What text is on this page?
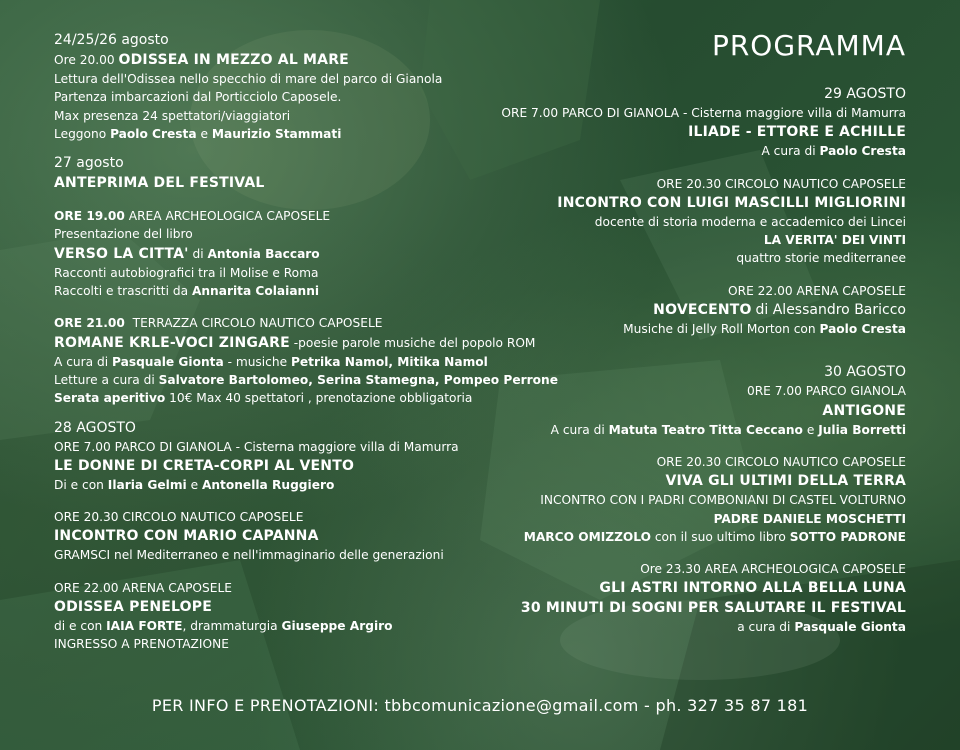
24/25/26 agosto
Ore 20.00 ODISSEA IN MEZZO AL MARE
Lettura dell'Odissea nello specchio di mare del parco di Gianola
Partenza imbarcazioni dal Porticciolo Caposele.
Max presenza 24 spettatori/viaggiatori
Leggono Paolo Cresta e Maurizio Stammati
27 agosto
ANTEPRIMA DEL FESTIVAL
ORE 19.00 AREA ARCHEOLOGICA CAPOSELE
Presentazione del libro
VERSO LA CITTA' di Antonia Baccaro
Racconti autobiografici tra il Molise e Roma
Raccolti e trascritti da Annarita Colaianni
ORE 21.00 TERRAZZA CIRCOLO NAUTICO CAPOSELE
ROMANE KRLE-VOCI ZINGARE -poesie parole musiche del popolo ROM
A cura di Pasquale Gionta - musiche Petrika Namol, Mitika Namol
Letture a cura di Salvatore Bartolomeo, Serina Stamegna, Pompeo Perrone
Serata aperitivo 10€ Max 40 spettatori , prenotazione obbligatoria
28 AGOSTO
ORE 7.00 PARCO DI GIANOLA - Cisterna maggiore villa di Mamurra
LE DONNE DI CRETA-CORPI AL VENTO
Di e con Ilaria Gelmi e Antonella Ruggiero
ORE 20.30 CIRCOLO NAUTICO CAPOSELE
INCONTRO CON MARIO CAPANNA
GRAMSCI nel Mediterraneo e nell'immaginario delle generazioni
ORE 22.00 ARENA CAPOSELE
ODISSEA PENELOPE
di e con IAIA FORTE, drammaturgia Giuseppe Argiro
INGRESSO A PRENOTAZIONE
PROGRAMMA
29 AGOSTO
ORE 7.00 PARCO DI GIANOLA - Cisterna maggiore villa di Mamurra
ILIADE - ETTORE E ACHILLE
A cura di Paolo Cresta
ORE 20.30 CIRCOLO NAUTICO CAPOSELE
INCONTRO CON LUIGI MASCILLI MIGLIORINI
docente di storia moderna e accademico dei Lincei
LA VERITA' DEI VINTI
quattro storie mediterranee
ORE 22.00 ARENA CAPOSELE
NOVECENTO di Alessandro Baricco
Musiche di Jelly Roll Morton con Paolo Cresta
30 AGOSTO
0RE 7.00 PARCO GIANOLA
ANTIGONE
A cura di Matuta Teatro Titta Ceccano e Julia Borretti
ORE 20.30 CIRCOLO NAUTICO CAPOSELE
VIVA GLI ULTIMI DELLA TERRA
INCONTRO CON I PADRI COMBONIANI DI CASTEL VOLTURNO
PADRE DANIELE MOSCHETTI
MARCO OMIZZOLO con il suo ultimo libro SOTTO PADRONE
Ore 23.30 AREA ARCHEOLOGICA CAPOSELE
GLI ASTRI INTORNO ALLA BELLA LUNA
30 MINUTI DI SOGNI PER SALUTARE IL FESTIVAL
a cura di Pasquale Gionta
PER INFO E PRENOTAZIONI: tbbcomunicazione@gmail.com - ph. 327 35 87 181
